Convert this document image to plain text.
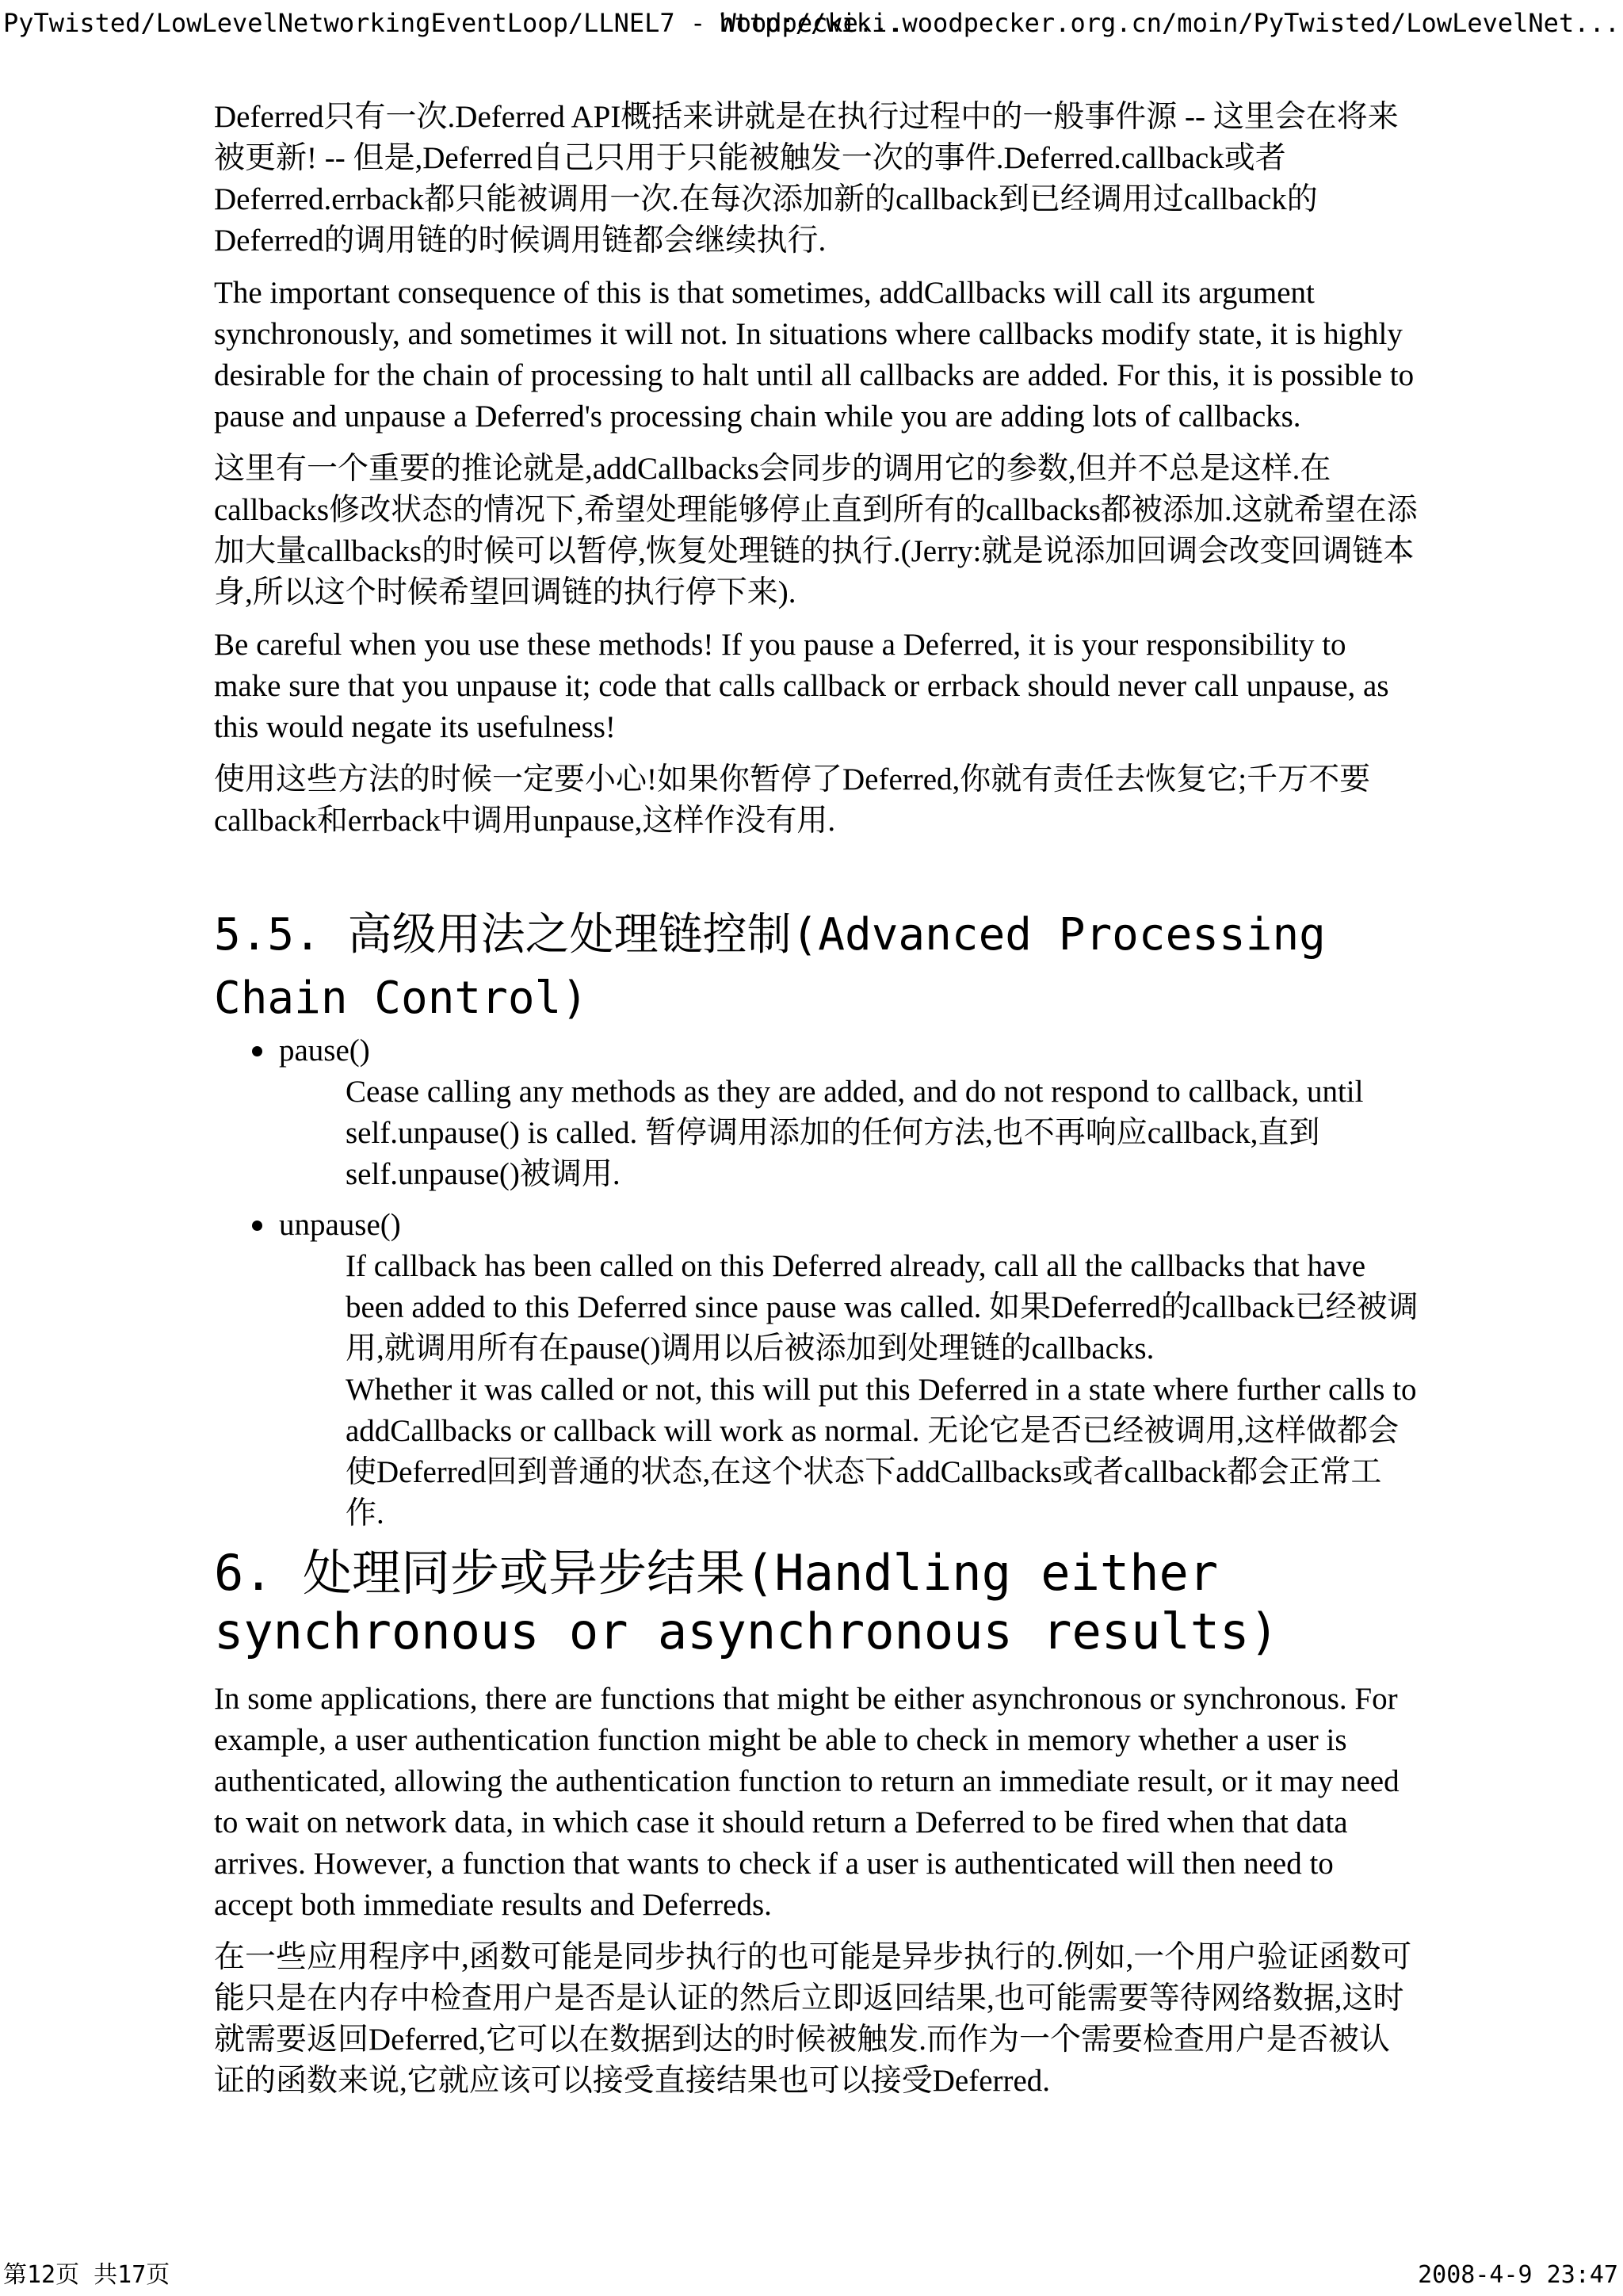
PyTwisted/LowLevelNetworkingEventLoop/LLNEL7 - Woodpecke...
http://wiki.woodpecker.org.cn/moin/PyTwisted/LowLevelNet...

Deferred只有一次.Deferred API概括来讲就是在执行过程中的一般事件源 -- 这里会在将来被更新! -- 但是,Deferred自己只用于只能被触发一次的事件.Deferred.callback或者Deferred.errback都只能被调用一次.在每次添加新的callback到已经调用过callback的Deferred的调用链的时候调用链都会继续执行.

The important consequence of this is that sometimes, addCallbacks will call its argument synchronously, and sometimes it will not. In situations where callbacks modify state, it is highly desirable for the chain of processing to halt until all callbacks are added. For this, it is possible to pause and unpause a Deferred's processing chain while you are adding lots of callbacks.

这里有一个重要的推论就是,addCallbacks会同步的调用它的参数,但并不总是这样.在callbacks修改状态的情况下,希望处理能够停止直到所有的callbacks都被添加.这就希望在添加大量callbacks的时候可以暂停,恢复处理链的执行.(Jerry:就是说添加回调会改变回调链本身,所以这个时候希望回调链的执行停下来).

Be careful when you use these methods! If you pause a Deferred, it is your responsibility to make sure that you unpause it; code that calls callback or errback should never call unpause, as this would negate its usefulness!

使用这些方法的时候一定要小心!如果你暂停了Deferred,你就有责任去恢复它;千万不要callback和errback中调用unpause,这样作没有用.

5.5. 高级用法之处理链控制(Advanced Processing Chain Control)
pause()
Cease calling any methods as they are added, and do not respond to callback, until self.unpause() is called. 暂停调用添加的任何方法,也不再响应callback,直到self.unpause()被调用.
unpause()
If callback has been called on this Deferred already, call all the callbacks that have been added to this Deferred since pause was called. 如果Deferred的callback已经被调用,就调用所有在pause()调用以后被添加到处理链的callbacks.
Whether it was called or not, this will put this Deferred in a state where further calls to addCallbacks or callback will work as normal. 无论它是否已经被调用,这样做都会使Deferred回到普通的状态,在这个状态下addCallbacks或者callback都会正常工作.
6. 处理同步或异步结果(Handling either synchronous or asynchronous results)

In some applications, there are functions that might be either asynchronous or synchronous. For example, a user authentication function might be able to check in memory whether a user is authenticated, allowing the authentication function to return an immediate result, or it may need to wait on network data, in which case it should return a Deferred to be fired when that data arrives. However, a function that wants to check if a user is authenticated will then need to accept both immediate results and Deferreds.

在一些应用程序中,函数可能是同步执行的也可能是异步执行的.例如,一个用户验证函数可能只是在内存中检查用户是否是认证的然后立即返回结果,也可能需要等待网络数据,这时就需要返回Deferred,它可以在数据到达的时候被触发.而作为一个需要检查用户是否被认证的函数来说,它就应该可以接受直接结果也可以接受Deferred.

第12页 共17页	2008-4-9 23:47
